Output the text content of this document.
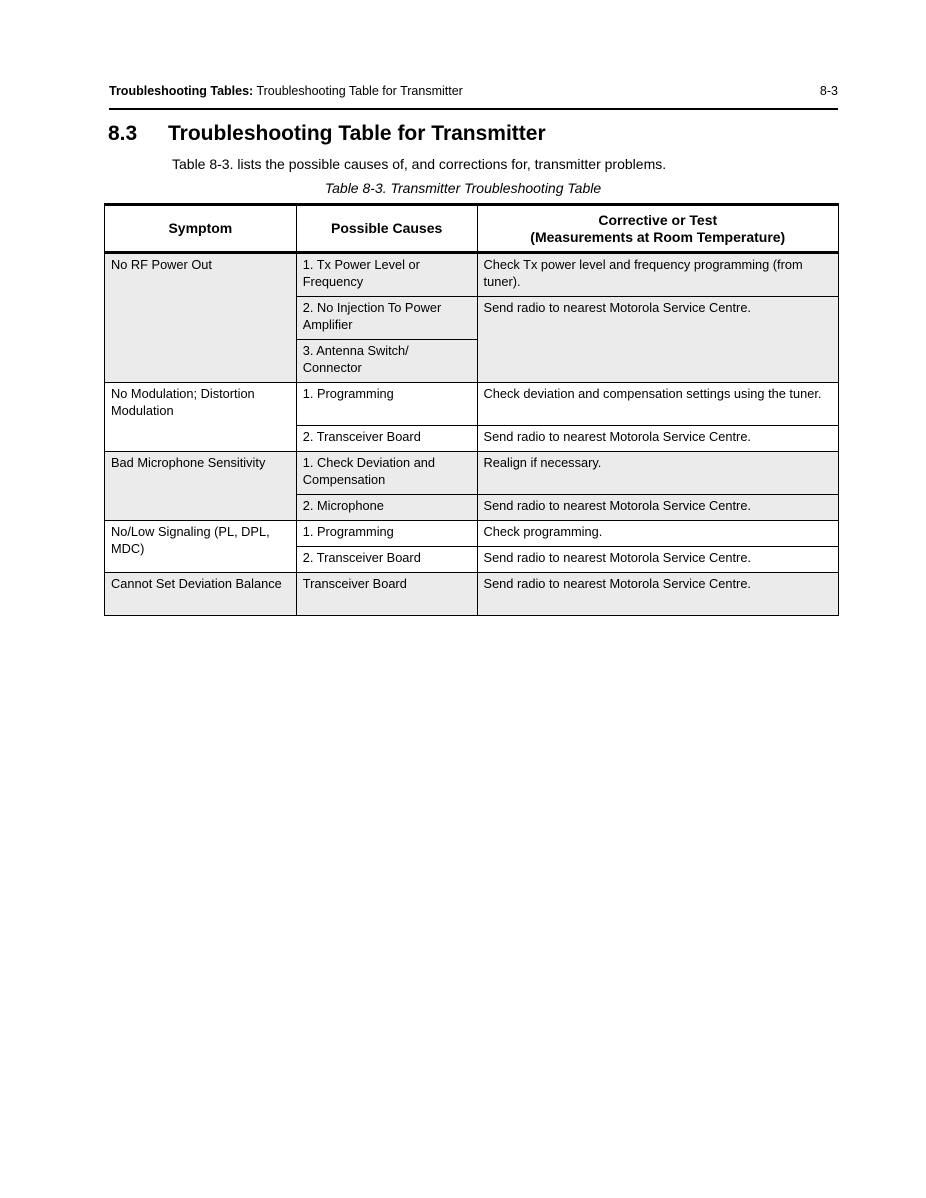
Troubleshooting Tables: Troubleshooting Table for Transmitter	8-3
8.3 Troubleshooting Table for Transmitter
Table 8-3. lists the possible causes of, and corrections for, transmitter problems.
Table 8-3. Transmitter Troubleshooting Table
Symptom	Possible Causes	Corrective or Test
(Measurements at Room Temperature)
No RF Power Out	1. Tx Power Level or Frequency	Check Tx power level and frequency programming (from tuner).
	2. No Injection To Power Amplifier	Send radio to nearest Motorola Service Centre.
	3. Antenna Switch/ Connector	
No Modulation; Distortion Modulation	1. Programming	Check deviation and compensation settings using the tuner.
	2. Transceiver Board	Send radio to nearest Motorola Service Centre.
Bad Microphone Sensitivity	1. Check Deviation and Compensation	Realign if necessary.
	2. Microphone	Send radio to nearest Motorola Service Centre.
No/Low Signaling (PL, DPL, MDC)	1. Programming	Check programming.
	2. Transceiver Board	Send radio to nearest Motorola Service Centre.
Cannot Set Deviation Balance	Transceiver Board	Send radio to nearest Motorola Service Centre.
